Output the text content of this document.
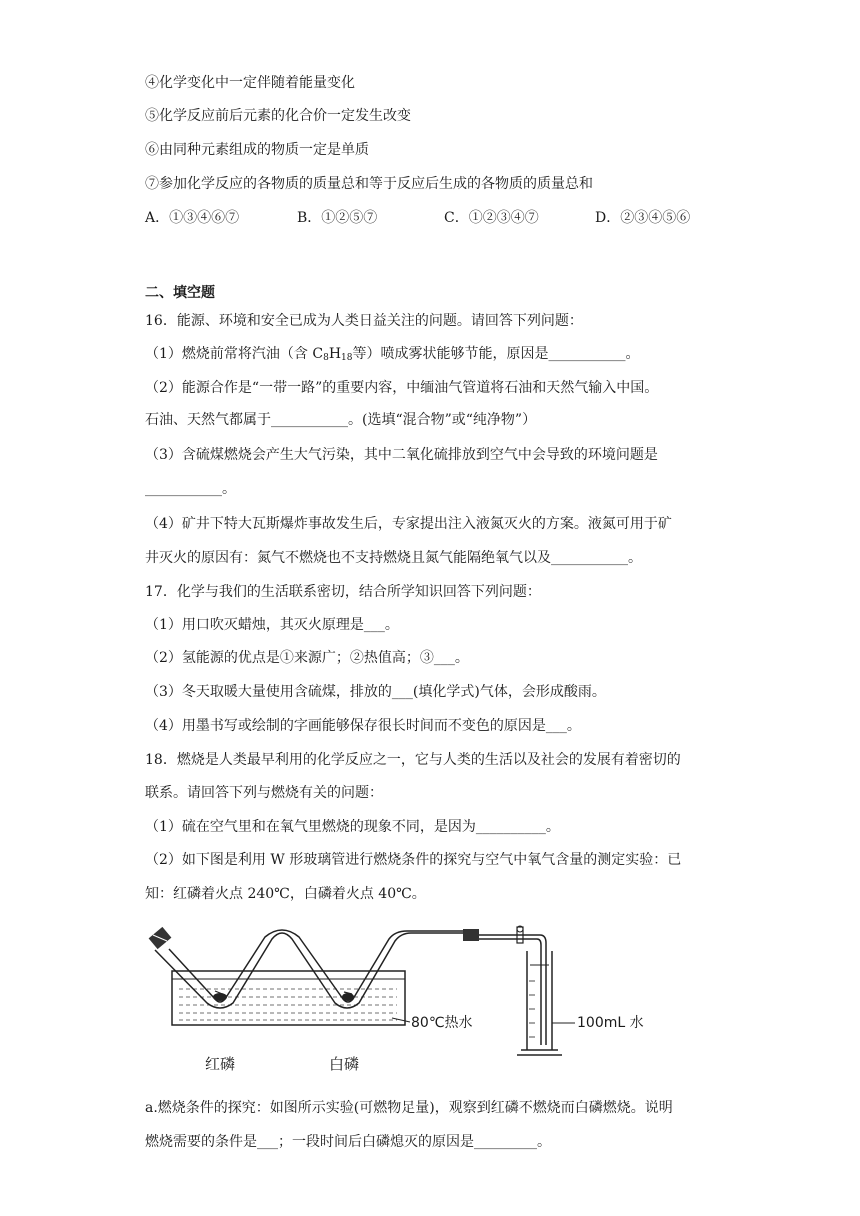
④化学变化中一定伴随着能量变化
⑤化学反应前后元素的化合价一定发生改变
⑥由同种元素组成的物质一定是单质
⑦参加化学反应的各物质的质量总和等于反应后生成的各物质的质量总和
A．①③④⑥⑦	B．①②⑤⑦	C．①②③④⑦	D．②③④⑤⑥
二、填空题
16．能源、环境和安全已成为人类日益关注的问题。请回答下列问题：
（1）燃烧前常将汽油（含 $C_8H_{18}$等）喷成雾状能够节能，原因是___________。
（2）能源合作是“一带一路”的重要内容，中缅油气管道将石油和天然气输入中国。
石油、天然气都属于___________。(选填“混合物”或“纯净物”）
（3）含硫煤燃烧会产生大气污染，其中二氧化硫排放到空气中会导致的环境问题是
___________。
（4）矿井下特大瓦斯爆炸事故发生后，专家提出注入液氮灭火的方案。液氮可用于矿
井灭火的原因有：氮气不燃烧也不支持燃烧且氮气能隔绝氧气以及___________。
17．化学与我们的生活联系密切，结合所学知识回答下列问题：
（1）用口吹灭蜡烛，其灭火原理是___。
（2）氢能源的优点是①来源广；②热值高；③___。
（3）冬天取暖大量使用含硫煤，排放的___(填化学式)气体，会形成酸雨。
（4）用墨书写或绘制的字画能够保存很长时间而不变色的原因是___。
18．燃烧是人类最早利用的化学反应之一，它与人类的生活以及社会的发展有着密切的
联系。请回答下列与燃烧有关的问题：
（1）硫在空气里和在氧气里燃烧的现象不同，是因为__________。
（2）如下图是利用 W 形玻璃管进行燃烧条件的探究与空气中氧气含量的测定实验：已
知：红磷着火点 240℃，白磷着火点 40℃。
80℃热水	100mL 水
红磷	白磷
a.燃烧条件的探究：如图所示实验(可燃物足量)，观察到红磷不燃烧而白磷燃烧。说明
燃烧需要的条件是___；一段时间后白磷熄灭的原因是_________。
